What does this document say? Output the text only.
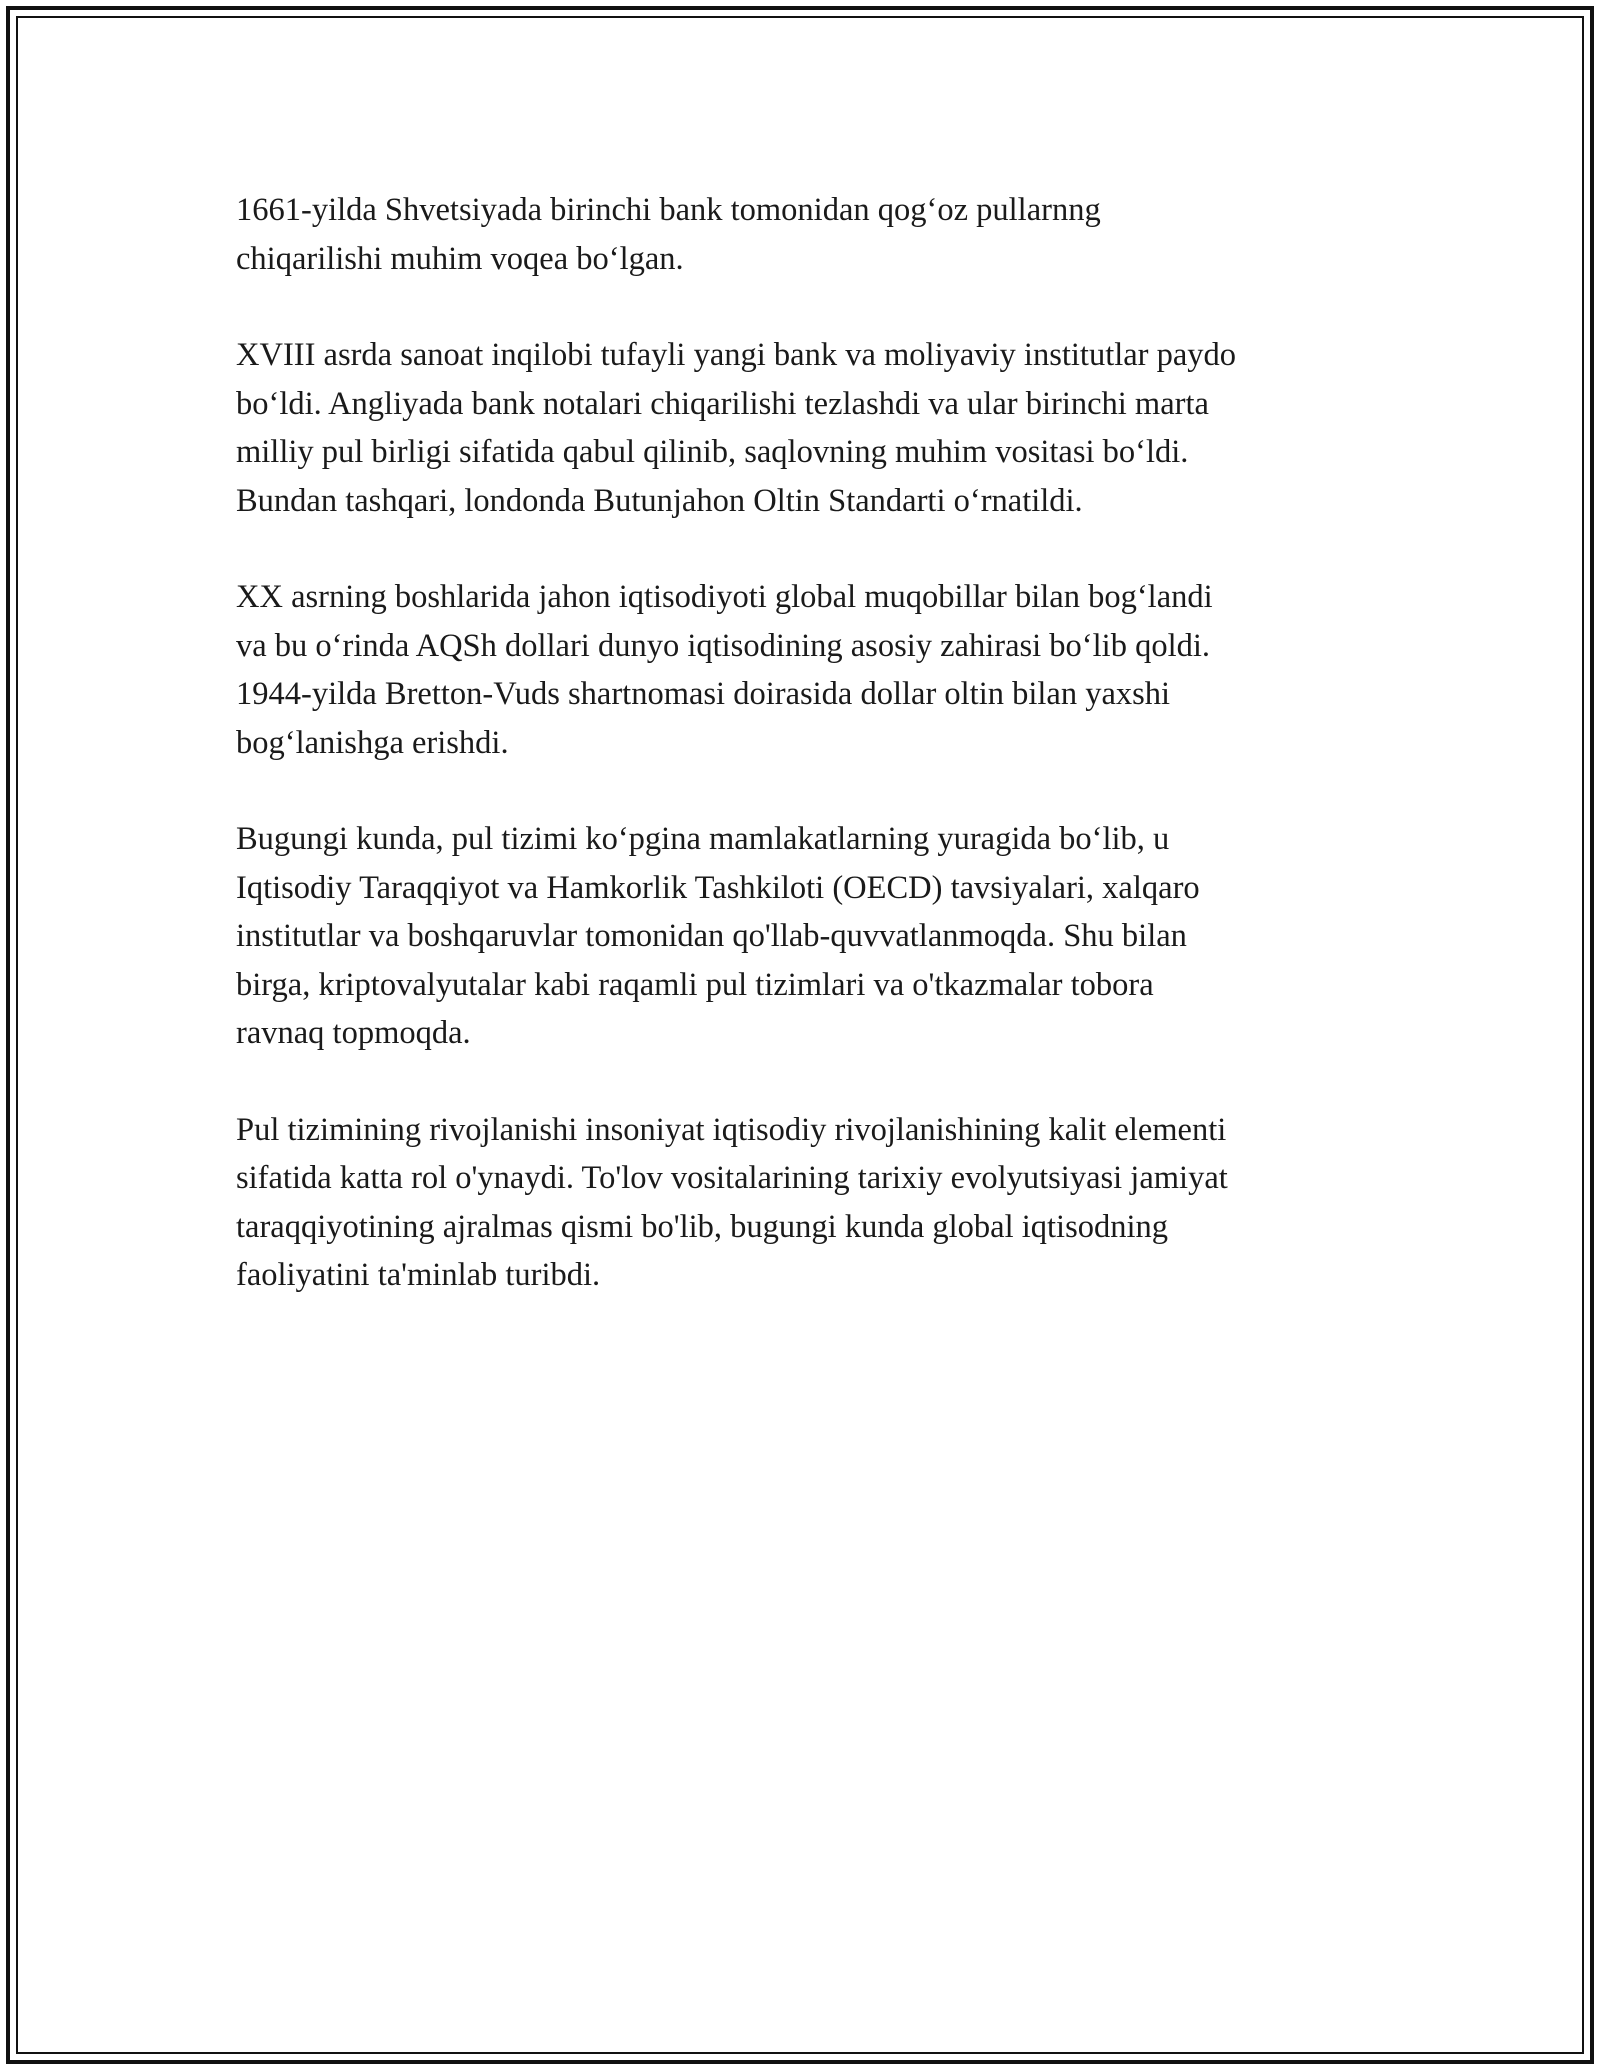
1661-yilda Shvetsiyada birinchi bank tomonidan qog‘oz pullarnng
chiqarilishi muhim voqea bo‘lgan.

XVIII asrda sanoat inqilobi tufayli yangi bank va moliyaviy institutlar paydo
bo‘ldi. Angliyada bank notalari chiqarilishi tezlashdi va ular birinchi marta
milliy pul birligi sifatida qabul qilinib, saqlovning muhim vositasi bo‘ldi.
Bundan tashqari, londonda Butunjahon Oltin Standarti o‘rnatildi.

XX asrning boshlarida jahon iqtisodiyoti global muqobillar bilan bog‘landi
va bu o‘rinda AQSh dollari dunyo iqtisodining asosiy zahirasi bo‘lib qoldi.
1944-yilda Bretton-Vuds shartnomasi doirasida dollar oltin bilan yaxshi
bog‘lanishga erishdi.

Bugungi kunda, pul tizimi ko‘pgina mamlakatlarning yuragida bo‘lib, u
Iqtisodiy Taraqqiyot va Hamkorlik Tashkiloti (OECD) tavsiyalari, xalqaro
institutlar va boshqaruvlar tomonidan qo'llab-quvvatlanmoqda. Shu bilan
birga, kriptovalyutalar kabi raqamli pul tizimlari va o'tkazmalar tobora
ravnaq topmoqda.

Pul tizimining rivojlanishi insoniyat iqtisodiy rivojlanishining kalit elementi
sifatida katta rol o'ynaydi. To'lov vositalarining tarixiy evolyutsiyasi jamiyat
taraqqiyotining ajralmas qismi bo'lib, bugungi kunda global iqtisodning
faoliyatini ta'minlab turibdi.
